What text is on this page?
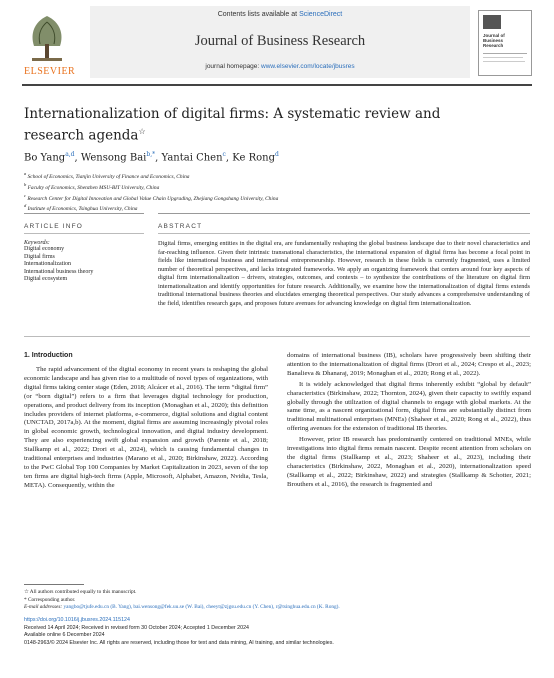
ELSEVIER
Contents lists available at ScienceDirect
Journal of Business Research
journal homepage: www.elsevier.com/locate/jbusres
Journal of
Business
Research
Internationalization of digital firms: A systematic review and research agenda☆
Bo Yang$^{a,d}$, Wensong Bai$^{b,*}$, Yantai Chen$^c$, Ke Rong$^d$
$^a$ School of Economics, Tianjin University of Finance and Economics, China
$^b$ Faculty of Economics, Shenzhen MSU-BIT University, China
$^c$ Research Center for Digital Innovation and Global Value Chain Upgrading, Zhejiang Gongshang University, China
$^d$ Institute of Economics, Tsinghua University, China
ARTICLE INFO	ABSTRACT
Keywords:
Digital economy
Digital firms
Internationalization
International business theory
Digital ecosystem
Digital firms, emerging entities in the digital era, are fundamentally reshaping the global business landscape due to their novel characteristics and far-reaching influence. Given their intrinsic transnational characteristics, the international expansion of digital firms has become a focal point in fields like international business and international entrepreneurship. However, research in these fields is currently fragmented, uses a limited number of theoretical perspectives, and lacks integrated frameworks. We apply an organizing framework that centers around four key aspects of digital firm internationalization – drivers, strategies, outcomes, and contexts – to synthesize the contributions of the literature on digital firm internationalization and identify opportunities for future research. Additionally, we examine how the internationalization of digital firms extends traditional international business theories and elucidates emerging theoretical perspectives. Our study advances a comprehensive understanding of the field, identifies research gaps, and proposes future avenues for advancing knowledge on digital firm internationalization.
1. Introduction

The rapid advancement of the digital economy in recent years is reshaping the global economic landscape and has given rise to a multitude of novel types of organizations, with digital firms taking center stage (Eden, 2018; Alcácer et al., 2016). The term “digital firm” (or “born digital”) refers to a firm that leverages digital technology for production, operations, and product delivery from its inception (Monaghan et al., 2020); this definition includes providers of internet platforms, e-commerce, digital solutions and digital content (UNCTAD, 2017a,b). At the moment, digital firms are assuming increasingly pivotal roles in global economic growth, technological innovation, and digital industry development. They are also experiencing swift global expansion and growth (Parente et al., 2018; Stallkamp et al., 2022; Drori et al., 2024), which is causing fundamental changes in traditional enterprises and industries (Marano et al., 2020; Birkinshaw, 2022). According to the PwC Global Top 100 Companies by Market Capitalization in 2023, seven of the top ten firms are digital high-tech firms (Apple, Microsoft, Alphabet, Amazon, Nvidia, Tesla, META). Consequently, within the

domains of international business (IB), scholars have progressively been shifting their attention to the internationalization of digital firms (Drori et al., 2024; Crespo et al., 2023; Banalieva & Dhanaraj, 2019; Monaghan et al., 2020; Rong et al., 2022).

It is widely acknowledged that digital firms inherently exhibit “global by default” characteristics (Birkinshaw, 2022; Thornton, 2024), given their capacity to swiftly expand globally through the utilization of digital channels to engage with global markets. At the same time, as a nascent organizational form, digital firms are substantially distinct from traditional multinational enterprises (MNEs) (Shaheer et al., 2020; Rong et al., 2022), thus offering avenues for the extension of traditional IB theories.

However, prior IB research has predominantly centered on traditional MNEs, while investigations into digital firms remain nascent. Despite recent attention from scholars on the digital firms (Stallkamp et al., 2023; Shaheer et al., 2023), including their characteristics (Birkinshaw, 2022, Monaghan et al., 2020), internationalization speed (Stallkamp et al., 2022; Birkinshaw, 2022) and strategies (Stallkamp & Schotter, 2021; Brouthers et al., 2016), the research is fragmented and

☆ All authors contributed equally to this manuscript.
* Corresponding author.
E-mail addresses: yangbo@tjufe.edu.cn (B. Yang), bai.wensong@fek.uu.se (W. Bai), cheeyt@zjgsu.edu.cn (Y. Chen), r@tsinghua.edu.cn (K. Rong).
https://doi.org/10.1016/j.jbusres.2024.115124
Received 14 April 2024; Received in revised form 30 October 2024; Accepted 1 December 2024
Available online 6 December 2024
0148-2963/© 2024 Elsevier Inc. All rights are reserved, including those for text and data mining, AI training, and similar technologies.
